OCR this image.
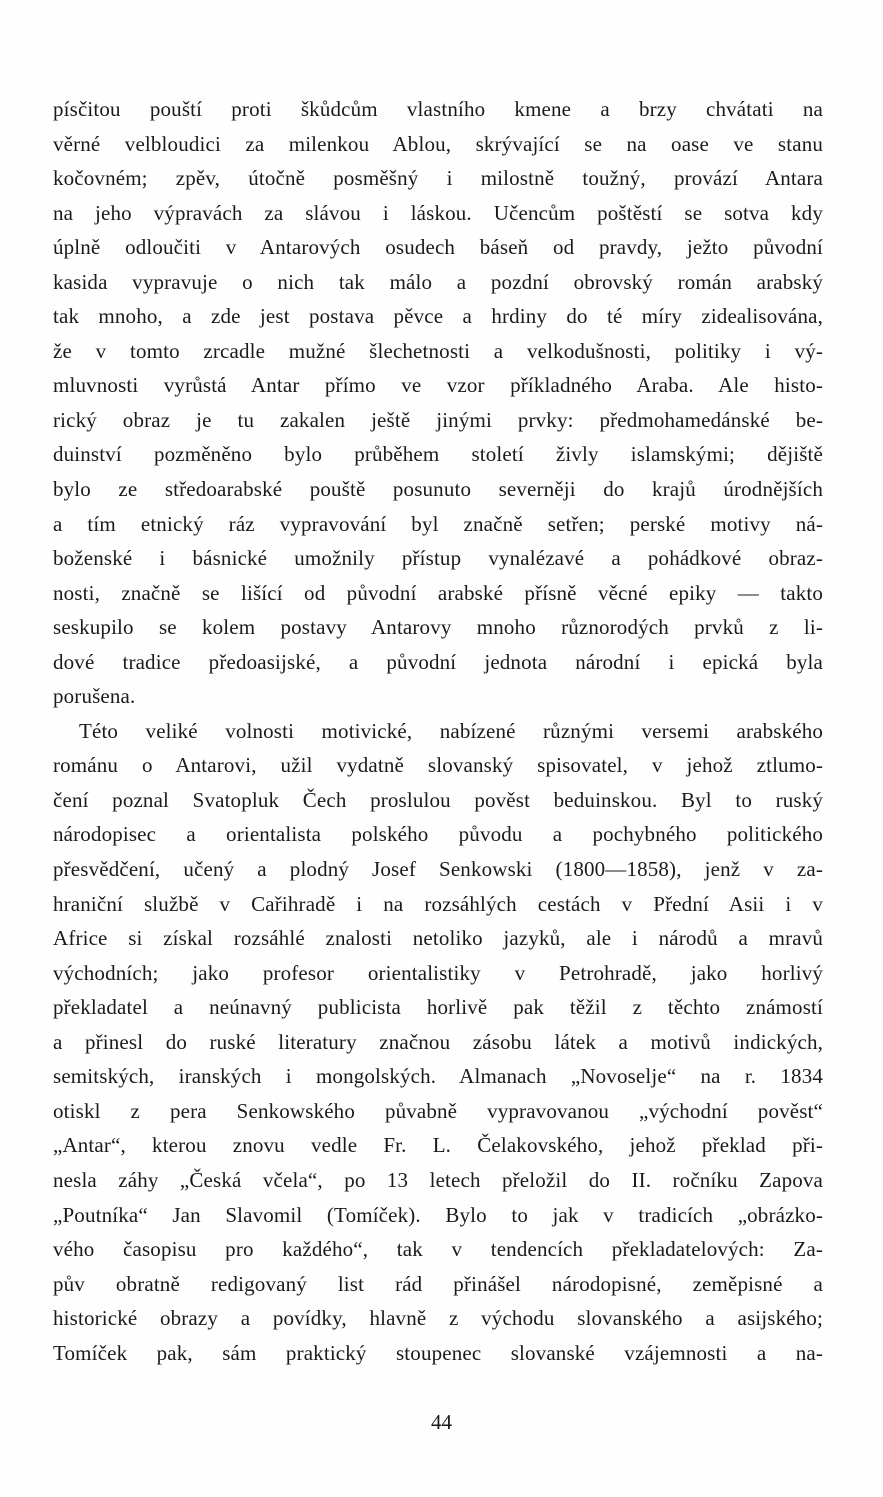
písčitou pouští proti škůdcům vlastního kmene a brzy chvátati na
věrné velbloudici za milenkou Ablou, skrývající se na oase ve stanu
kočovném; zpěv, útočně posměšný i milostně toužný, provází Antara
na jeho výpravách za slávou i láskou. Učencům poštěstí se sotva kdy
úplně odloučiti v Antarových osudech báseň od pravdy, ježto původní
kasida vypravuje o nich tak málo a pozdní obrovský román arabský
tak mnoho, a zde jest postava pěvce a hrdiny do té míry zidealisována,
že v tomto zrcadle mužné šlechetnosti a velkodušnosti, politiky i vý-
mluvnosti vyrůstá Antar přímo ve vzor příkladného Araba. Ale histo-
rický obraz je tu zakalen ještě jinými prvky: předmohamedánské be-
duinství pozměněno bylo průběhem století živly islamskými; dějiště
bylo ze středoarabské pouště posunuto severněji do krajů úrodnějších
a tím etnický ráz vypravování byl značně setřen; perské motivy ná-
boženské i básnické umožnily přístup vynalézavé a pohádkové obraz-
nosti, značně se lišící od původní arabské přísně věcné epiky — takto
seskupilo se kolem postavy Antarovy mnoho různorodých prvků z li-
dové tradice předoasijské, a původní jednota národní i epická byla
porušena.
Této veliké volnosti motivické, nabízené různými versemi arabského
románu o Antarovi, užil vydatně slovanský spisovatel, v jehož ztlumo-
čení poznal Svatopluk Čech proslulou pověst beduinskou. Byl to ruský
národopisec a orientalista polského původu a pochybného politického
přesvědčení, učený a plodný Josef Senkowski (1800—1858), jenž v za-
hraniční službě v Cařihradě i na rozsáhlých cestách v Přední Asii i v
Africe si získal rozsáhlé znalosti netoliko jazyků, ale i národů a mravů
východních; jako profesor orientalistiky v Petrohradě, jako horlivý
překladatel a neúnavný publicista horlivě pak těžil z těchto známostí
a přinesl do ruské literatury značnou zásobu látek a motivů indických,
semitských, iranských i mongolských. Almanach „Novoselje“ na r. 1834
otiskl z pera Senkowského půvabně vypravovanou „východní pověst“
„Antar“, kterou znovu vedle Fr. L. Čelakovského, jehož překlad při-
nesla záhy „Česká včela“, po 13 letech přeložil do II. ročníku Zapova
„Poutníka“ Jan Slavomil (Tomíček). Bylo to jak v tradicích „obrázko-
vého časopisu pro každého“, tak v tendencích překladatelových: Za-
pův obratně redigovaný list rád přinášel národopisné, zeměpisné a
historické obrazy a povídky, hlavně z východu slovanského a asijského;
Tomíček pak, sám praktický stoupenec slovanské vzájemnosti a na-
44
